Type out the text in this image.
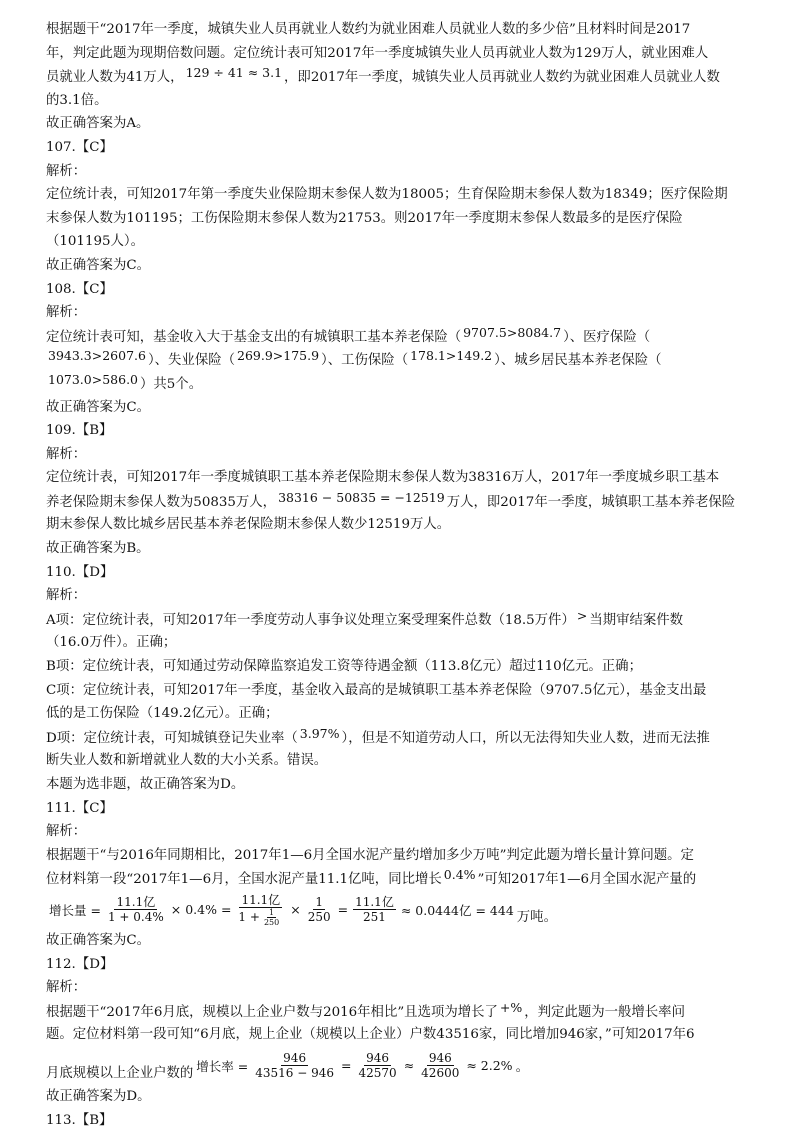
根据题干“2017年一季度，城镇失业人员再就业人数约为就业困难人员就业人数的多少倍”且材料时间是2017
年，判定此题为现期倍数问题。定位统计表可知2017年一季度城镇失业人员再就业人数为129万人，就业困难人
员就业人数为41万人， 129 ÷ 41 ≈ 3.1 ，即2017年一季度，城镇失业人员再就业人数约为就业困难人员就业人数
的3.1倍。
故正确答案为A。
107.【C】
解析：
定位统计表，可知2017年第一季度失业保险期末参保人数为18005；生育保险期末参保人数为18349；医疗保险期
末参保人数为101195；工伤保险期末参保人数为21753。则2017年一季度期末参保人数最多的是医疗保险
（101195人）。
故正确答案为C。
108.【C】
解析：
定位统计表可知，基金收入大于基金支出的有城镇职工基本养老保险（ 9707.5>8084.7 ）、医疗保险（
3943.3>2607.6 ）、失业保险（ 269.9>175.9 ）、工伤保险（ 178.1>149.2 ）、城乡居民基本养老保险（
1073.0>586.0 ）共5个。
故正确答案为C。
109.【B】
解析：
定位统计表，可知2017年一季度城镇职工基本养老保险期末参保人数为38316万人，2017年一季度城乡职工基本
养老保险期末参保人数为50835万人， 38316 − 50835 = −12519 万人，即2017年一季度，城镇职工基本养老保险
期末参保人数比城乡居民基本养老保险期末参保人数少12519万人。
故正确答案为B。
110.【D】
解析：
A项：定位统计表，可知2017年一季度劳动人事争议处理立案受理案件总数（18.5万件） > 当期审结案件数
（16.0万件）。正确；
B项：定位统计表，可知通过劳动保障监察追发工资等待遇金额（113.8亿元）超过110亿元。正确；
C项：定位统计表，可知2017年一季度，基金收入最高的是城镇职工基本养老保险（9707.5亿元），基金支出最
低的是工伤保险（149.2亿元）。正确；
D项：定位统计表，可知城镇登记失业率（ 3.97% ），但是不知道劳动人口，所以无法得知失业人数，进而无法推
断失业人数和新增就业人数的大小关系。错误。
本题为选非题，故正确答案为D。
111.【C】
解析：
根据题干“与2016年同期相比，2017年1—6月全国水泥产量约增加多少万吨”判定此题为增长量计算问题。定
位材料第一段“2017年1—6月，全国水泥产量11.1亿吨，同比增长 0.4% ”可知2017年1—6月全国水泥产量的
增长量 = $\frac{\text{11.1亿}}{1 + 0.4\%} \times 0.4\% = \frac{\text{11.1亿}}{1 + \frac{1}{250}} \times \frac{1}{250} = \frac{\text{11.1亿}}{251} \approx 0.0444$亿 = 444 万吨。
故正确答案为C。
112.【D】
解析：
根据题干“2017年6月底，规模以上企业户数与2016年相比”且选项为增长了 +% ，判定此题为一般增长率问
题。定位材料第一段可知“6月底，规上企业（规模以上企业）户数43516家，同比增加946家，”可知2017年6
月底规模以上企业户数的 增长率 = $\frac{946}{43516 - 946} = \frac{946}{42570} \approx \frac{946}{42600} \approx 2.2\%$ 。
故正确答案为D。
113.【B】
